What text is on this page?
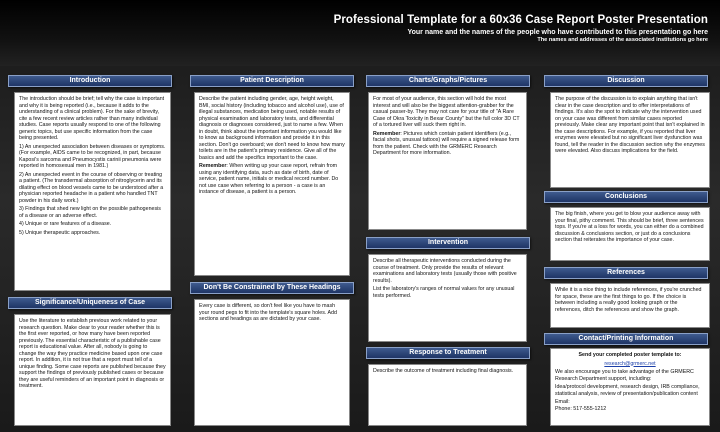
Professional Template for a 60x36 Case Report Poster Presentation
Your name and the names of the people who have contributed to this presentation go here
The names and addresses of the associated institutions go here
Introduction

The introduction should be brief; tell why the case is important and why it is being reported (i.e., because it adds to the understanding of a clinical problem). For the sake of brevity, cite a few recent review articles rather than many individual studies. Case reports usually respond to one of the following generic topics, but use specific information from the case being presented.

1) An unexpected association between diseases or symptoms. (For example, AIDS came to be recognized, in part, because Kaposi's sarcoma and Pneumocystis carinii pneumonia were reported in homosexual men in 1981.)
2) An unexpected event in the course of observing or treating a patient. (The transdermal absorption of nitroglycerin and its dilating effect on blood vessels came to be understood after a physician reported headache in a patient who handled TNT powder in his daily work.)
3) Findings that shed new light on the possible pathogenesis of a disease or an adverse effect.
4) Unique or rare features of a disease.
5) Unique therapeutic approaches.
Significance/Uniqueness of Case

Use the literature to establish previous work related to your research question. Make clear to your reader whether this is the first ever reported, or how many have been reported previously. The essential characteristic of a publishable case report is educational value. After all, nobody is going to change the way they practice medicine based upon one case report. In addition, it is not true that a report must tell of a unique finding. Some case reports are published because they support the findings of previously published cases or because they are useful reminders of an important point in diagnosis or treatment.

Patient Description

Describe the patient including gender, age, height weight, BMI, social history (including tobacco and alcohol use), use of illegal substances, medication being used, notable results of physical examination and laboratory tests, and differential diagnosis or diagnoses considered, just to name a few. When in doubt, think about the important information you would like to know as background information and provide it in this section. Don't go overboard; we don't need to know how many toilets are in the patient's primary residence. Give all of the basics and add the specifics important to the case.

Remember: When writing up your case report, refrain from using any identifying data, such as date of birth, date of service, patient name, initials or medical record number. Do not use case when referring to a person - a case is an instance of disease, a patient is a person.

Don't Be Constrained by These Headings

Every case is different, so don't feel like you have to mash your round pegs to fit into the template's square holes. Add sections and headings as are dictated by your case.

Charts/Graphs/Pictures

For most of your audience, this section will hold the most interest and will also be the biggest attention-grabber for the casual passer-by. They may not care for your title of "A Rare Case of Okra Toxicity in Bexar County" but the full color 3D CT of a tortured liver will suck them right in.

Remember: Pictures which contain patient identifiers (e.g., facial shots, unusual tattoos) will require a signed release form from the patient. Check with the GRMERC Research Department for more information.

Intervention

Describe all therapeutic interventions conducted during the course of treatment. Only provide the results of relevant examinations and laboratory tests (usually those with positive results).

List the laboratory's ranges of normal values for any unusual tests performed.

Response to Treatment

Describe the outcome of treatment including final diagnosis.

Discussion

The purpose of the discussion is to explain anything that isn't clear in the case description and to offer interpretations of findings. It's also the spot to indicate why the intervention used on your case was different from similar cases reported previously. Make clear any important point that isn't explained in the case descriptions. For example, if you reported that liver enzymes were elevated but no significant liver dysfunction was found, tell the reader in the discussion section why the enzymes were elevated. Also discuss implications for the field.

Conclusions

The big finish, where you get to blow your audience away with your final, pithy comment. This should be brief, three sentences tops. If you're at a loss for words, you can either do a combined discussion & conclusions section, or just do a conclusions section that reiterates the importance of your case.

References

While it is a nice thing to include references, if you're crunched for space, these are the first things to go. If the choice is between including a really good looking graph or the references, ditch the references and show the graph.

Contact/Printing Information

Send your completed poster template to:

research@grmerc.net

We also encourage you to take advantage of the GRMERC Research Department support, including:

Idea/protocol development, research design, IRB compliance, statistical analysis, review of presentation/publication content

Email:

Phone: 517-555-1212
